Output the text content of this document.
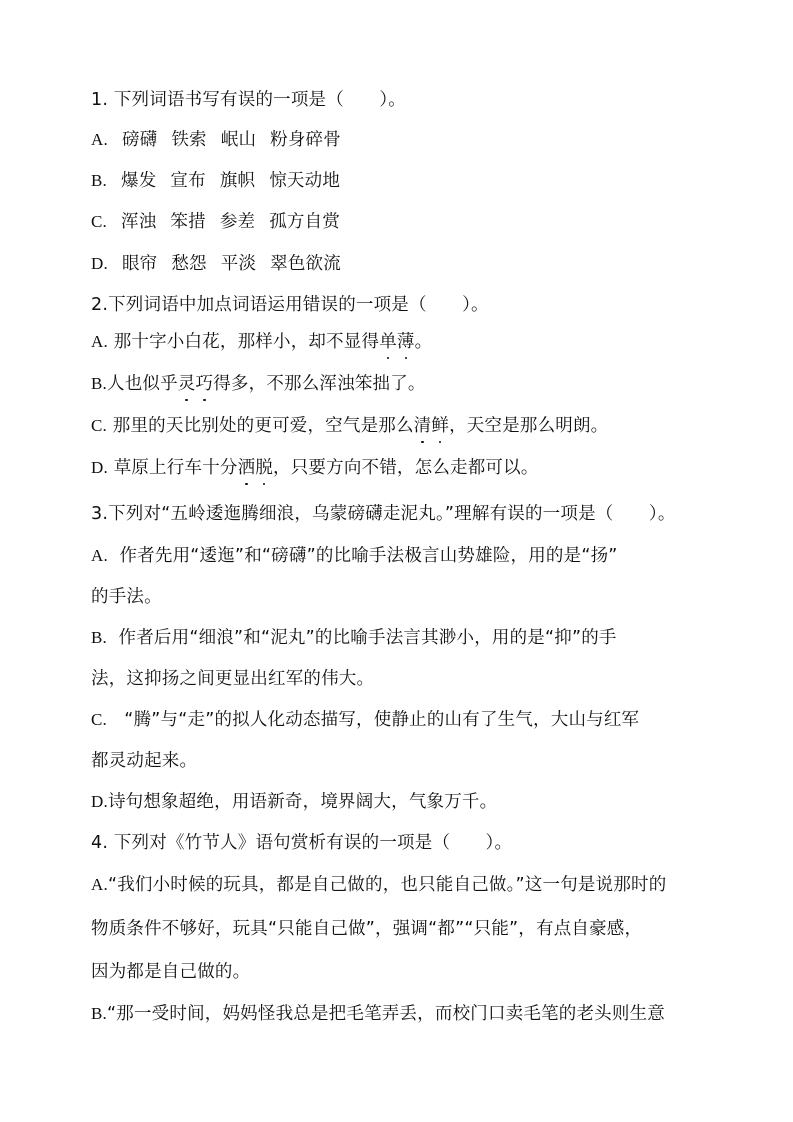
1. 下列词语书写有误的一项是（　　）。
A. 磅礴 铁索 岷山 粉身碎骨
B. 爆发 宣布 旗帜 惊天动地
C. 浑浊 笨措 参差 孤方自赏
D. 眼帘 愁怨 平淡 翠色欲流
2.下列词语中加点词语运用错误的一项是（　　）。
A. 那十字小白花，那样小，却不显得单薄。
B.人也似乎灵巧得多，不那么浑浊笨拙了。
C. 那里的天比别处的更可爱，空气是那么清鲜，天空是那么明朗。
D. 草原上行车十分洒脱，只要方向不错，怎么走都可以。
3.下列对“五岭逶迤腾细浪，乌蒙磅礴走泥丸。”理解有误的一项是（　　）。
A. 作者先用“逶迤”和“磅礴”的比喻手法极言山势雄险，用的是“扬”
的手法。
B. 作者后用“细浪”和“泥丸”的比喻手法言其渺小，用的是“抑”的手
法，这抑扬之间更显出红军的伟大。
C. “腾”与“走”的拟人化动态描写，使静止的山有了生气，大山与红军
都灵动起来。
D.诗句想象超绝，用语新奇，境界阔大，气象万千。
4. 下列对《竹节人》语句赏析有误的一项是（　　）。
A.“我们小时候的玩具，都是自己做的，也只能自己做。”这一句是说那时的
物质条件不够好，玩具“只能自己做”，强调“都”“只能”，有点自豪感，
因为都是自己做的。
B.“那一受时间，妈妈怪我总是把毛笔弄丢，而校门口卖毛笔的老头则生意
